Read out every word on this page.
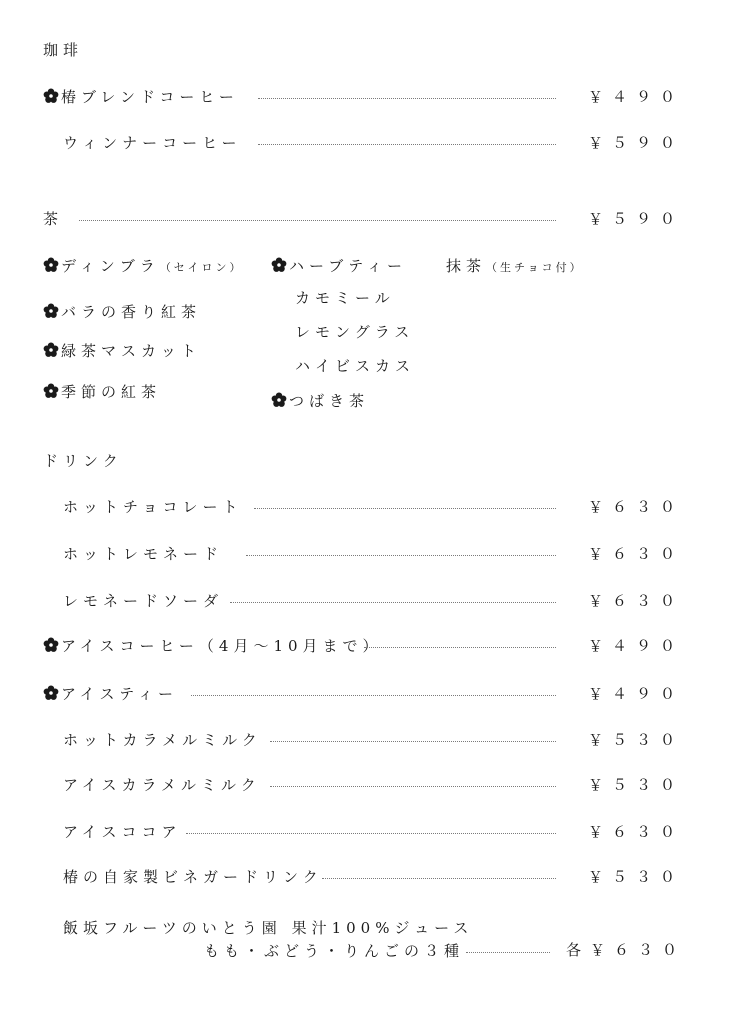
珈琲
椿ブレンドコーヒー	￥４９０
ウィンナーコーヒー	￥５９０
茶	￥５９０
ディンブラ（セイロン）
バラの香り紅茶
緑茶マスカット
季節の紅茶
ハーブティー	抹茶（生チョコ付）
カモミール
レモングラス
ハイビスカス
つばき茶
ドリンク
ホットチョコレート	￥６３０
ホットレモネード	￥６３０
レモネードソーダ	￥６３０
アイスコーヒー（4月～10月まで）	￥４９０
アイスティー	￥４９０
ホットカラメルミルク	￥５３０
アイスカラメルミルク	￥５３０
アイスココア	￥６３０
椿の自家製ビネガードリンク	￥５３０
飯坂フルーツのいとう園 果汁100%ジュース
もも・ぶどう・りんごの３種	各￥６３０
